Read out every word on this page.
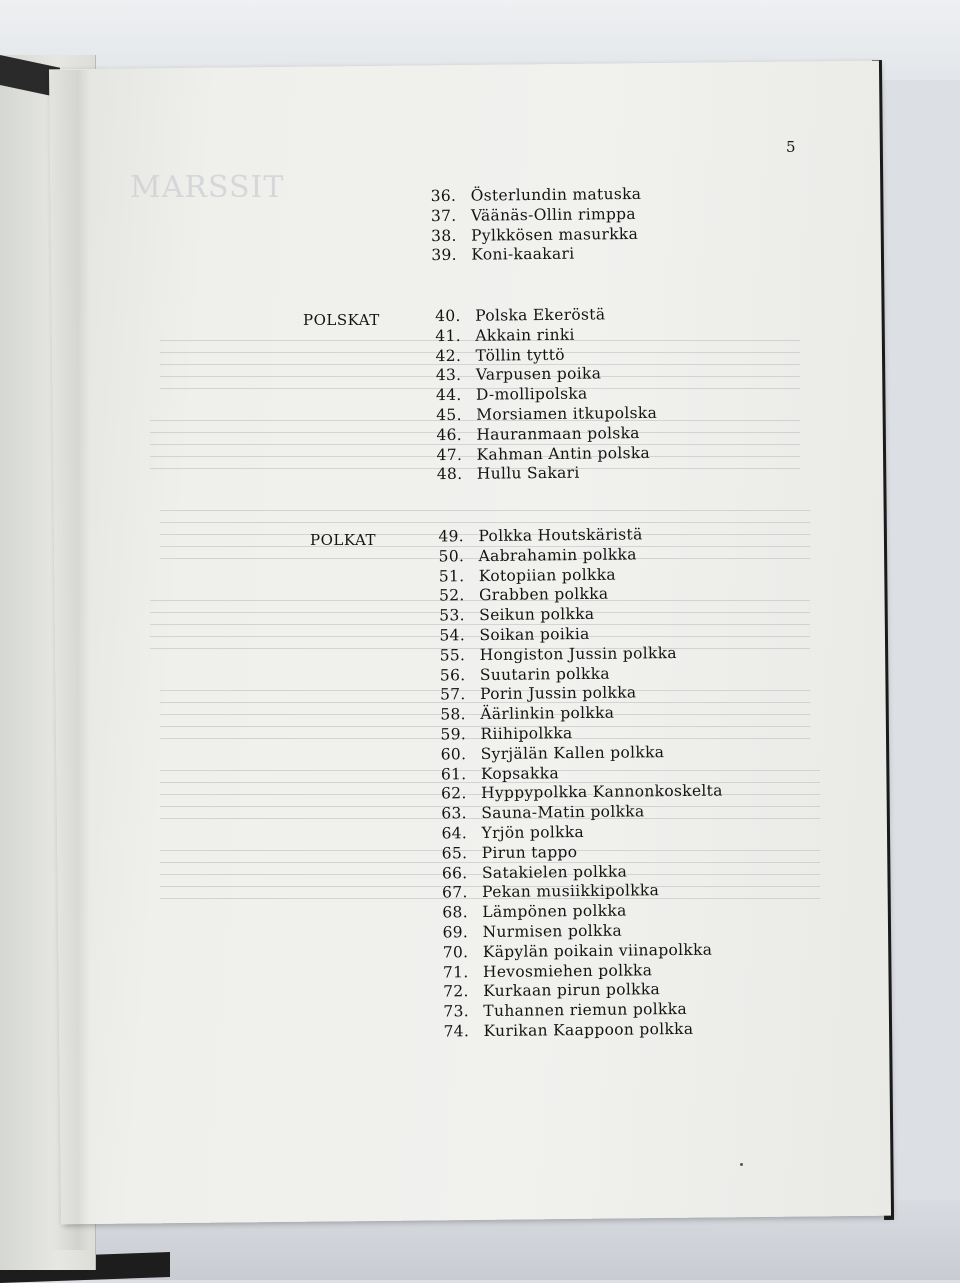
MARSSIT
5
POLSKAT
POLKAT
36. Österlundin matuska
37. Väänäs-Ollin rimppa
38. Pylkkösen masurkka
39. Koni-kaakari
40. Polska Ekeröstä
41. Akkain rinki
42. Töllin tyttö
43. Varpusen poika
44. D-mollipolska
45. Morsiamen itkupolska
46. Hauranmaan polska
47. Kahman Antin polska
48. Hullu Sakari
49. Polkka Houtskäristä
50. Aabrahamin polkka
51. Kotopiian polkka
52. Grabben polkka
53. Seikun polkka
54. Soikan poikia
55. Hongiston Jussin polkka
56. Suutarin polkka
57. Porin Jussin polkka
58. Äärlinkin polkka
59. Riihipolkka
60. Syrjälän Kallen polkka
61. Kopsakka
62. Hyppypolkka Kannonkoskelta
63. Sauna-Matin polkka
64. Yrjön polkka
65. Pirun tappo
66. Satakielen polkka
67. Pekan musiikkipolkka
68. Lämpönen polkka
69. Nurmisen polkka
70. Käpylän poikain viinapolkka
71. Hevosmiehen polkka
72. Kurkaan pirun polkka
73. Tuhannen riemun polkka
74. Kurikan Kaappoon polkka
